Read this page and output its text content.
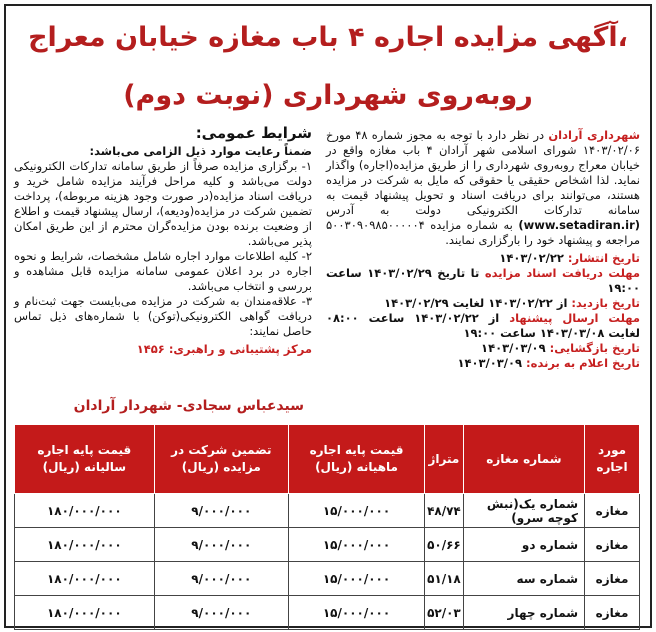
آگهی مزایده اجاره ۴ باب مغازه خیابان معراج،
روبه‌روی شهرداری (نوبت دوم)
شهرداری آرادان در نظر دارد با توجه به مجوز شماره ۴۸ مورخ ۱۴۰۳/۰۲/۰۶ شورای اسلامی شهر آرادان ۴ باب مغازه واقع در خیابان معراج روبه‌روی شهرداری را از طریق مزایده(اجاره) واگذار نماید. لذا اشخاص حقیقی یا حقوقی که مایل به شرکت در مزایده هستند، می‌توانند برای دریافت اسناد و تحویل پیشنهاد قیمت به سامانه تدارکات الکترونیکی دولت به آدرس (www.setadiran.ir) به شماره مزایده ۵۰۰۳۰۹۰۹۸۵۰۰۰۰۰۴ مراجعه و پیشنهاد خود را بارگزاری نمایند.
تاریخ انتشار: ۱۴۰۳/۰۲/۲۲
مهلت دریافت اسناد مزایده تا تاریخ ۱۴۰۳/۰۲/۲۹ ساعت ۱۹:۰۰
تاریخ بازدید: از ۱۴۰۳/۰۲/۲۲ لغایت ۱۴۰۳/۰۲/۲۹
مهلت ارسال پیشنهاد از ۱۴۰۳/۰۲/۲۲ ساعت ۰۸:۰۰ لغایت ۱۴۰۳/۰۳/۰۸ ساعت ۱۹:۰۰
تاریخ بازگشایی: ۱۴۰۳/۰۳/۰۹
تاریخ اعلام به برنده: ۱۴۰۳/۰۳/۰۹
شرایط عمومی:
ضمناً رعایت موارد ذیل الزامی می‌باشد:
۱- برگزاری مزایده صرفاً از طریق سامانه تدارکات الکترونیکی دولت می‌باشد و کلیه مراحل فرآیند مزایده شامل خرید و دریافت اسناد مزایده(در صورت وجود هزینه مربوطه)، پرداخت تضمین شرکت در مزایده(ودیعه)، ارسال پیشنهاد قیمت و اطلاع از وضعیت برنده بودن مزایده‌گران محترم از این طریق امکان پذیر می‌باشد.
۲- کلیه اطلاعات موارد اجاره شامل مشخصات، شرایط و نحوه اجاره در برد اعلان عمومی سامانه مزایده قابل مشاهده و بررسی و انتخاب می‌باشد.
۳- علاقه‌مندان به شرکت در مزایده می‌بایست جهت ثبت‌نام و دریافت گواهی الکترونیکی(توکن) با شماره‌های ذیل تماس حاصل نمایند:
مرکز پشتیبانی و راهبری: ۱۴۵۶
سیدعباس سجادی- شهردار آرادان
مورد اجاره	شماره مغازه	متراژ	قیمت پایه اجاره ماهیانه (ریال)	تضمین شرکت در مزایده (ریال)	قیمت پایه اجاره سالیانه (ریال)
مغازه	شماره یک(نبش کوچه سرو)	۴۸/۷۴	۱۵/۰۰۰/۰۰۰	۹/۰۰۰/۰۰۰	۱۸۰/۰۰۰/۰۰۰
مغازه	شماره دو	۵۰/۶۶	۱۵/۰۰۰/۰۰۰	۹/۰۰۰/۰۰۰	۱۸۰/۰۰۰/۰۰۰
مغازه	شماره سه	۵۱/۱۸	۱۵/۰۰۰/۰۰۰	۹/۰۰۰/۰۰۰	۱۸۰/۰۰۰/۰۰۰
مغازه	شماره چهار	۵۲/۰۳	۱۵/۰۰۰/۰۰۰	۹/۰۰۰/۰۰۰	۱۸۰/۰۰۰/۰۰۰
